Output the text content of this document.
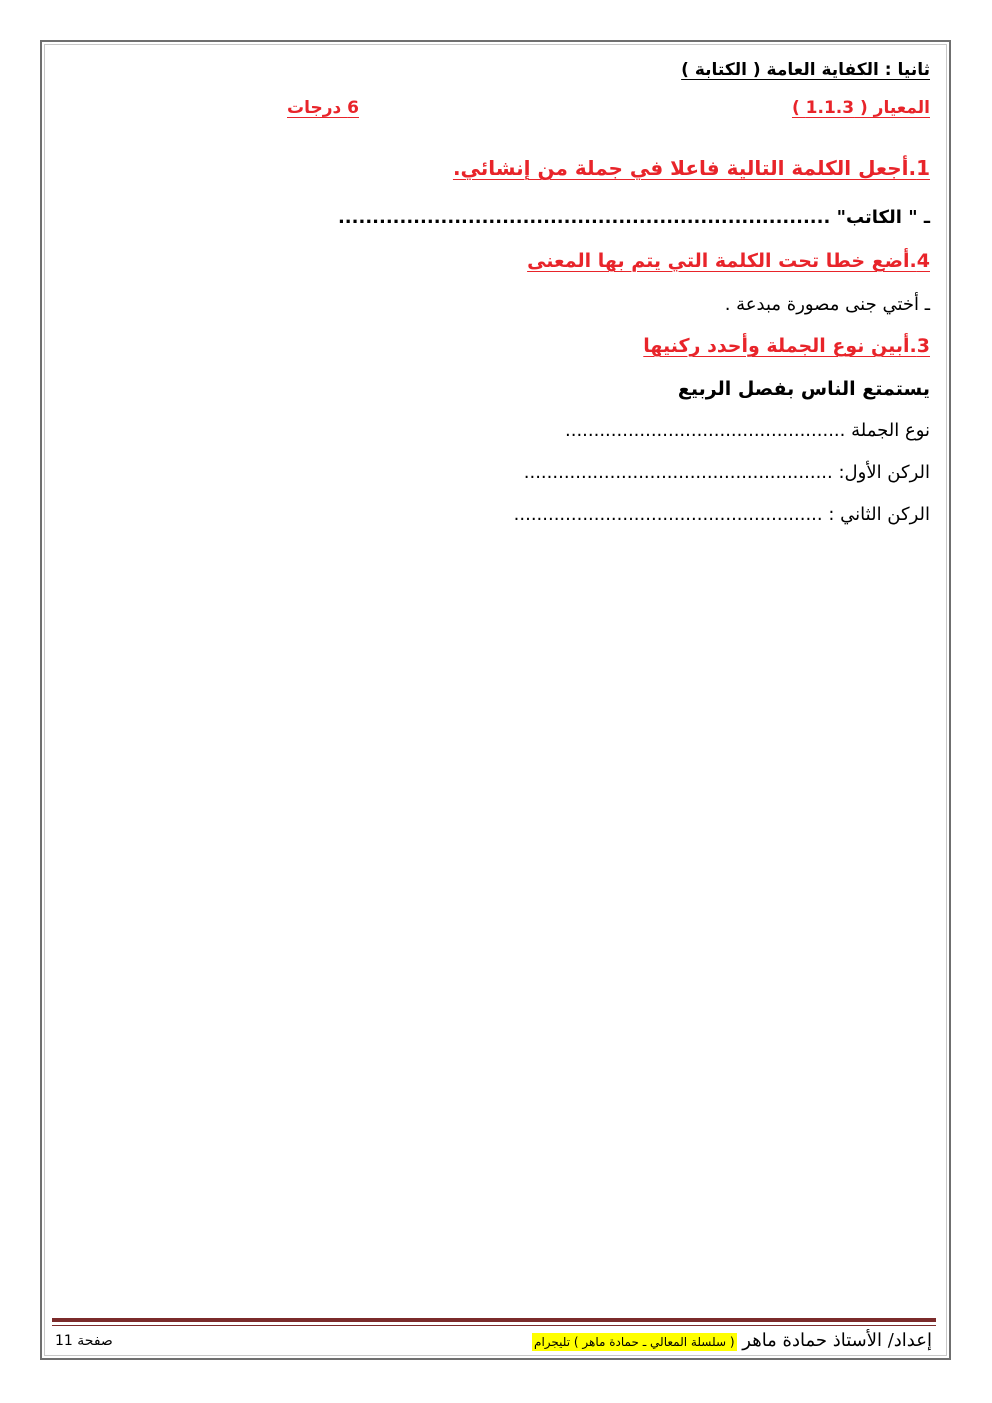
ثانيا : الكفاية العامة ( الكتابة )
المعيار ( 1.1.3 )
6 درجات
1.أجعل الكلمة التالية فاعلا في جملة من إنشائي.
ـ " الكاتب" ........................................................................
4.أضع خطا تحت الكلمة التي يتم بها المعنى
ـ أختي جنى مصورة مبدعة .
3.أبين نوع الجملة وأحدد ركنيها
يستمتع الناس بفصل الربيع
نوع الجملة .................................................
الركن الأول: ......................................................
الركن الثاني : ......................................................
إعداد/ الأستاذ حمادة ماهر ( سلسلة المعالي ـ حمادة ماهر ) تليجرام
صفحة 11
